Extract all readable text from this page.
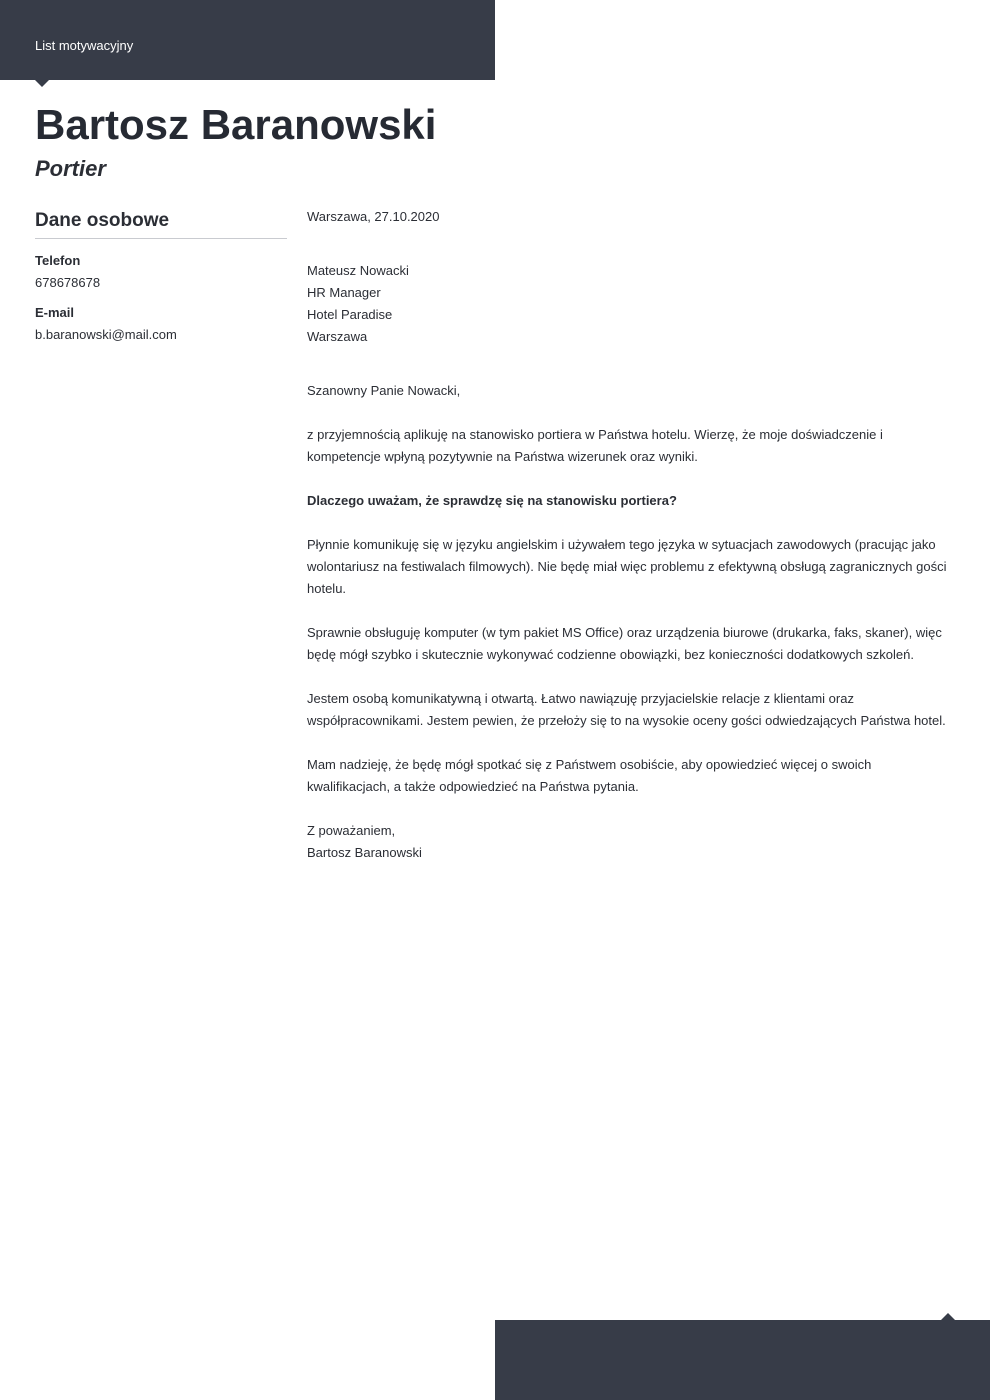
List motywacyjny
Bartosz Baranowski
Portier
Dane osobowe
Telefon
678678678
E-mail
b.baranowski@mail.com

Warszawa, 27.10.2020

Mateusz Nowacki

HR Manager

Hotel Paradise

Warszawa

Szanowny Panie Nowacki,

z przyjemnością aplikuję na stanowisko portiera w Państwa hotelu. Wierzę, że moje doświadczenie i kompetencje wpłyną pozytywnie na Państwa wizerunek oraz wyniki.

Dlaczego uważam, że sprawdzę się na stanowisku portiera?

Płynnie komunikuję się w języku angielskim i używałem tego języka w sytuacjach zawodowych (pracując jako wolontariusz na festiwalach filmowych). Nie będę miał więc problemu z efektywną obsługą zagranicznych gości hotelu.

Sprawnie obsługuję komputer (w tym pakiet MS Office) oraz urządzenia biurowe (drukarka, faks, skaner), więc będę mógł szybko i skutecznie wykonywać codzienne obowiązki, bez konieczności dodatkowych szkoleń.

Jestem osobą komunikatywną i otwartą. Łatwo nawiązuję przyjacielskie relacje z klientami oraz współpracownikami. Jestem pewien, że przełoży się to na wysokie oceny gości odwiedzających Państwa hotel.

Mam nadzieję, że będę mógł spotkać się z Państwem osobiście, aby opowiedzieć więcej o swoich kwalifikacjach, a także odpowiedzieć na Państwa pytania.

Z poważaniem,

Bartosz Baranowski
